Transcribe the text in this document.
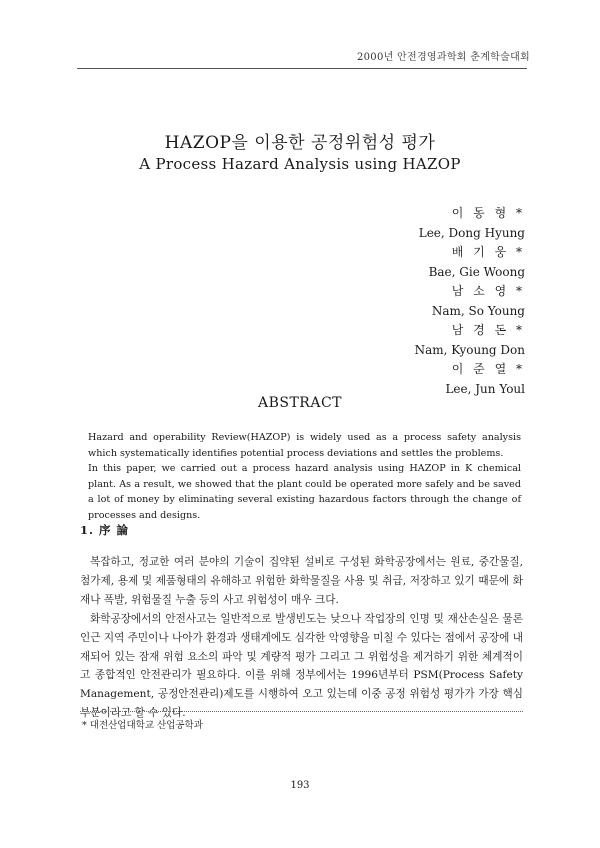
2000년 안전경영과학회 춘계학술대회
HAZOP을 이용한 공정위험성 평가
A Process Hazard Analysis using HAZOP
이 동 형 *
Lee, Dong Hyung
배 기 웅 *
Bae, Gie Woong
남 소 영 *
Nam, So Young
남 경 돈 *
Nam, Kyoung Don
이 준 열 *
Lee, Jun Youl
ABSTRACT

Hazard and operability Review(HAZOP) is widely used as a process safety analysis which systematically identifies potential process deviations and settles the problems.

In this paper, we carried out a process hazard analysis using HAZOP in K chemical plant. As a result, we showed that the plant could be operated more safely and be saved a lot of money by eliminating several existing hazardous factors through the change of processes and designs.

1. 序 論

복잡하고, 정교한 여러 분야의 기술이 집약된 설비로 구성된 화학공장에서는 원료, 중간물질, 첨가제, 용제 및 제품형태의 유해하고 위험한 화학물질을 사용 및 취급, 저장하고 있기 때문에 화재나 폭발, 위험물질 누출 등의 사고 위험성이 매우 크다.

화학공장에서의 안전사고는 일반적으로 발생빈도는 낮으나 작업장의 인명 및 재산손실은 물론 인근 지역 주민이나 나아가 환경과 생태계에도 심각한 악영향을 미칠 수 있다는 점에서 공장에 내재되어 있는 잠재 위험 요소의 파악 및 계량적 평가 그리고 그 위험성을 제거하기 위한 체계적이고 종합적인 안전관리가 필요하다. 이를 위해 정부에서는 1996년부터 PSM(Process Safety Management, 공정안전관리)제도를 시행하여 오고 있는데 이중 공정 위험성 평가가 가장 핵심부분이라고 할 수 있다.

* 대전산업대학교 산업공학과
193
